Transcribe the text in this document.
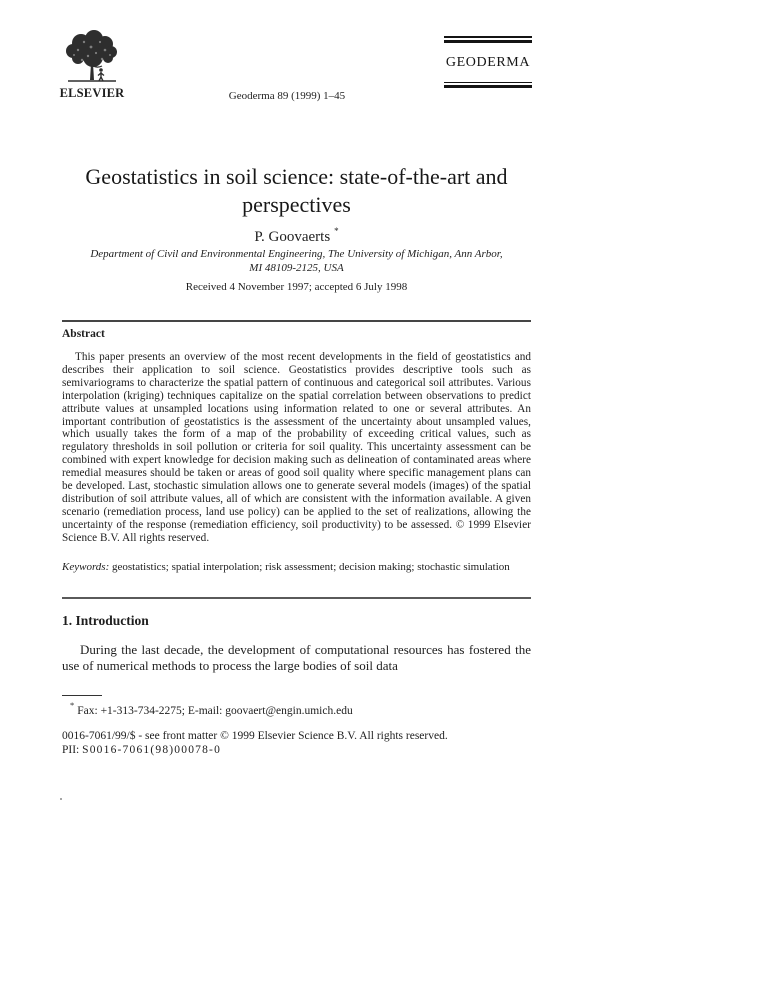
ELSEVIER	Geoderma 89 (1999) 1–45
GEODERMA
Geostatistics in soil science: state-of-the-art and
perspectives
P. Goovaerts *
Department of Civil and Environmental Engineering, The University of Michigan, Ann Arbor,
MI 48109-2125, USA
Received 4 November 1997; accepted 6 July 1998
Abstract
This paper presents an overview of the most recent developments in the field of geostatistics and describes their application to soil science. Geostatistics provides descriptive tools such as semivariograms to characterize the spatial pattern of continuous and categorical soil attributes. Various interpolation (kriging) techniques capitalize on the spatial correlation between observations to predict attribute values at unsampled locations using information related to one or several attributes. An important contribution of geostatistics is the assessment of the uncertainty about unsampled values, which usually takes the form of a map of the probability of exceeding critical values, such as regulatory thresholds in soil pollution or criteria for soil quality. This uncertainty assessment can be combined with expert knowledge for decision making such as delineation of contaminated areas where remedial measures should be taken or areas of good soil quality where specific management plans can be developed. Last, stochastic simulation allows one to generate several models (images) of the spatial distribution of soil attribute values, all of which are consistent with the information available. A given scenario (remediation process, land use policy) can be applied to the set of realizations, allowing the uncertainty of the response (remediation efficiency, soil productivity) to be assessed. © 1999 Elsevier Science B.V. All rights reserved.
Keywords: geostatistics; spatial interpolation; risk assessment; decision making; stochastic simulation
1. Introduction
During the last decade, the development of computational resources has fostered the use of numerical methods to process the large bodies of soil data
* Fax: +1-313-734-2275; E-mail: goovaert@engin.umich.edu
0016-7061/99/$ - see front matter © 1999 Elsevier Science B.V. All rights reserved.
PII: S0016-7061(98)00078-0
